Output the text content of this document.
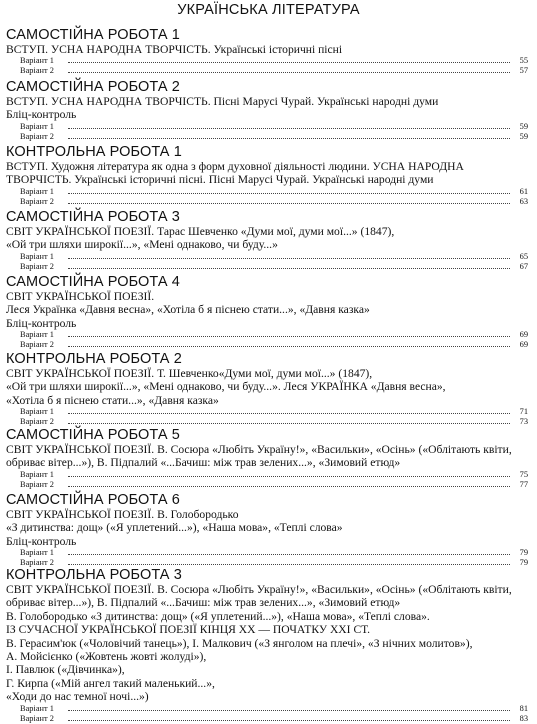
УКРАЇНСЬКА ЛІТЕРАТУРА
САМОСТІЙНА РОБОТА 1
ВСТУП. УСНА НАРОДНА ТВОРЧІСТЬ. Українські історичні пісні
Варіант 1	55
Варіант 2	57
САМОСТІЙНА РОБОТА 2
ВСТУП. УСНА НАРОДНА ТВОРЧІСТЬ. Пісні Марусі Чурай. Українські народні думи
Бліц-контроль
Варіант 1	59
Варіант 2	59
КОНТРОЛЬНА РОБОТА 1
ВСТУП. Художня література як одна з форм духовної діяльності людини. УСНА НАРОДНА
ТВОРЧІСТЬ. Українські історичні пісні. Пісні Марусі Чурай. Українські народні думи
Варіант 1	61
Варіант 2	63
САМОСТІЙНА РОБОТА 3
СВІТ УКРАЇНСЬКОЇ ПОЕЗІЇ. Тарас Шевченко «Думи мої, думи мої...» (1847),
«Ой три шляхи широкії...», «Мені однаково, чи буду...»
Варіант 1	65
Варіант 2	67
САМОСТІЙНА РОБОТА 4
СВІТ УКРАЇНСЬКОЇ ПОЕЗІЇ.
Леся Українка «Давня весна», «Хотіла б я піснею стати...», «Давня казка»
Бліц-контроль
Варіант 1	69
Варіант 2	69
КОНТРОЛЬНА РОБОТА 2
СВІТ УКРАЇНСЬКОЇ ПОЕЗІЇ. Т. Шевченко«Думи мої, думи мої...» (1847),
«Ой три шляхи широкії...», «Мені однаково, чи буду...». Леся УКРАЇНКА «Давня весна»,
«Хотіла б я піснею стати...», «Давня казка»
Варіант 1	71
Варіант 2	73
САМОСТІЙНА РОБОТА 5
СВІТ УКРАЇНСЬКОЇ ПОЕЗІЇ. В. Сосюра «Любіть Україну!», «Васильки», «Осінь» («Облітають квіти,
обриває вітер...»), В. Підпалий «...Бачиш: між трав зелених...», «Зимовий етюд»
Варіант 1	75
Варіант 2	77
САМОСТІЙНА РОБОТА 6
СВІТ УКРАЇНСЬКОЇ ПОЕЗІЇ. В. Голобородько
«З дитинства: дощ» («Я уплетений...»), «Наша мова», «Теплі слова»
Бліц-контроль
Варіант 1	79
Варіант 2	79
КОНТРОЛЬНА РОБОТА 3
СВІТ УКРАЇНСЬКОЇ ПОЕЗІЇ. В. Сосюра «Любіть Україну!», «Васильки», «Осінь» («Облітають квіти,
обриває вітер...»), В. Підпалий «...Бачиш: між трав зелених...», «Зимовий етюд»
В. Голобородько «З дитинства: дощ» («Я уплетений...»), «Наша мова», «Теплі слова».
ІЗ СУЧАСНОЇ УКРАЇНСЬКОЇ ПОЕЗІЇ КІНЦЯ XX — ПОЧАТКУ XXI СТ.
В. Герасим'юк («Чоловічий танець»), І. Малкович («З янголом на плечі», «З нічних молитов»),
А. Мойсієнко («Жовтень жовті жолуді»),
І. Павлюк («Дівчинка»),
Г. Кирпа («Мій ангел такий маленький...»,
«Ходи до нас темної ночі...»)
Варіант 1	81
Варіант 2	83
